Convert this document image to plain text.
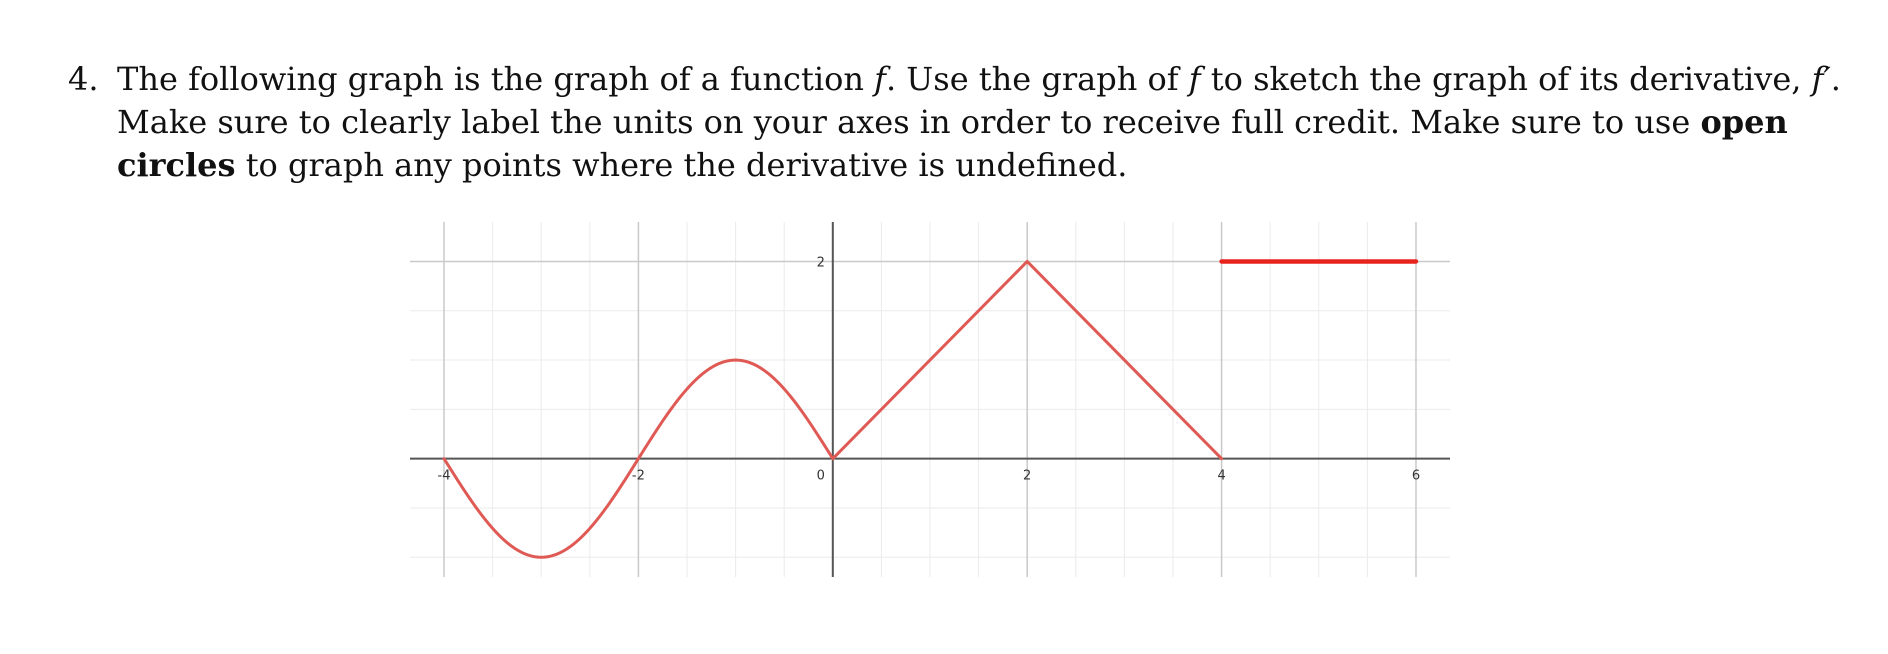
4. The following graph is the graph of a function f. Use the graph of f to sketch the graph of its derivative, f′. Make sure to clearly label the units on your axes in order to receive full credit. Make sure to use open circles to graph any points where the derivative is undefined.
-4	-2	0	2	4	6
2
